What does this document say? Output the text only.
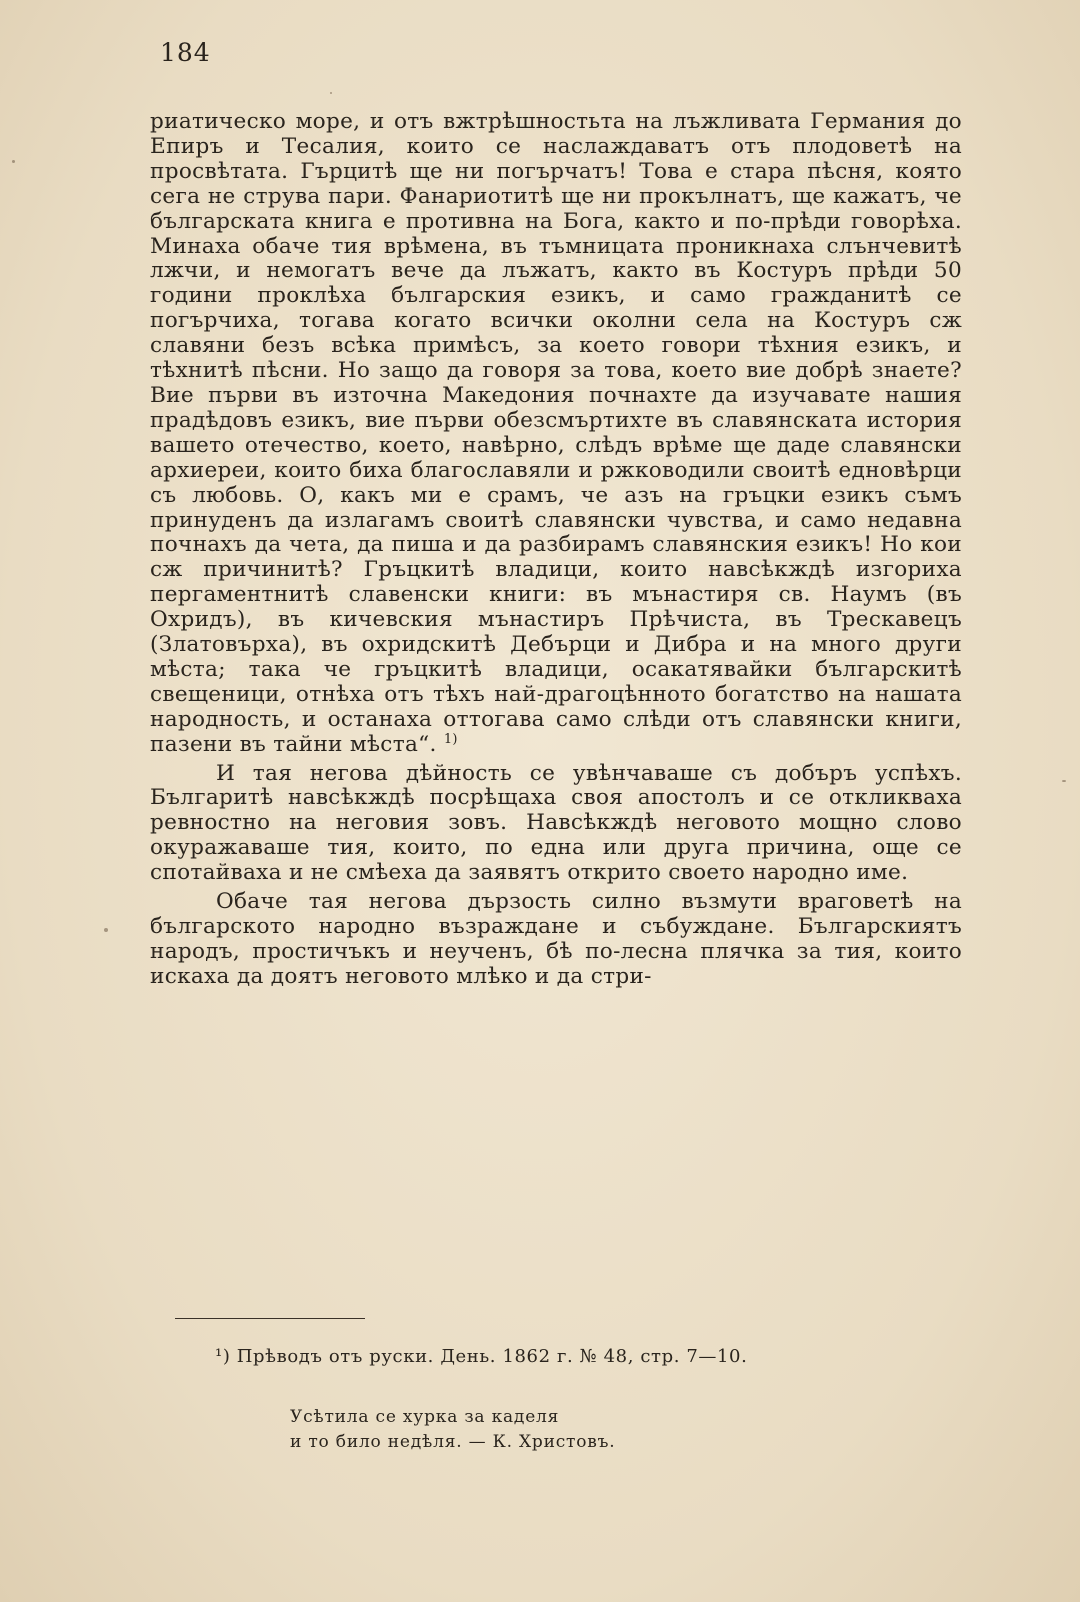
184

риатическо море, и отъ вжтрѣшностьта на лъжливата Германия до Епиръ и Тесалия, които се наслаждаватъ отъ плодоветѣ на просвѣтата. Гърцитѣ ще ни погърчатъ! Това е стара пѣсня, която сега не струва пари. Фанариотитѣ ще ни прокълнатъ, ще кажатъ, че българската книга е противна на Бога, както и по-прѣди говорѣха. Минаха обаче тия врѣмена, въ тъмницата проникнаха слънчевитѣ лжчи, и немогатъ вече да лъжатъ, както въ Костуръ прѣди 50 години проклѣха българския езикъ, и само гражданитѣ се погърчиха, тогава когато всички околни села на Костуръ сж славяни безъ всѣка примѣсъ, за което говори тѣхния езикъ, и тѣхнитѣ пѣсни. Но защо да говоря за това, което вие добрѣ знаете? Вие първи въ източна Македония почнахте да изучавате нашия прадѣдовъ езикъ, вие първи обезсмъртихте въ славянската история вашето отечество, което, навѣрно, слѣдъ врѣме ще даде славянски архиереи, които биха благославяли и ржководили своитѣ едновѣрци съ любовь. О, какъ ми е срамъ, че азъ на гръцки езикъ съмъ принуденъ да излагамъ своитѣ славянски чувства, и само недавна почнахъ да чета, да пиша и да разбирамъ славянския езикъ! Но кои сж причинитѣ? Гръцкитѣ владици, които навсѣкждѣ изгориха пергаментнитѣ славенски книги: въ мънастиря св. Наумъ (въ Охридъ), въ кичевския мънастиръ Прѣчиста, въ Трескавецъ (Златовърха), въ охридскитѣ Дебърци и Дибра и на много други мѣста; така че гръцкитѣ владици, осакатявайки българскитѣ свещеници, отнѣха отъ тѣхъ най-драгоцѣнното богатство на нашата народность, и останаха оттогава само слѣди отъ славянски книги, пазени въ тайни мѣста“. $^{1)}$

И тая негова дѣйность се увѣнчаваше съ добъръ успѣхъ. Българитѣ навсѣкждѣ посрѣщаха своя апостолъ и се откликваха ревностно на неговия зовъ. Навсѣкждѣ неговото мощно слово окуражаваше тия, които, по една или друга причина, още се спотайваха и не смѣеха да заявятъ открито своето народно име.

Обаче тая негова дързость силно възмути враговетѣ на българското народно възраждане и събуждане. Българскиятъ народъ, простичъкъ и неученъ, бѣ по-лесна плячка за тия, които искаха да доятъ неговото млѣко и да стри-

¹) Прѣводъ отъ руски. День. 1862 г. № 48, стр. 7—10.
Усѣтила се хурка за каделя
и то било недѣля. — К. Христовъ.
